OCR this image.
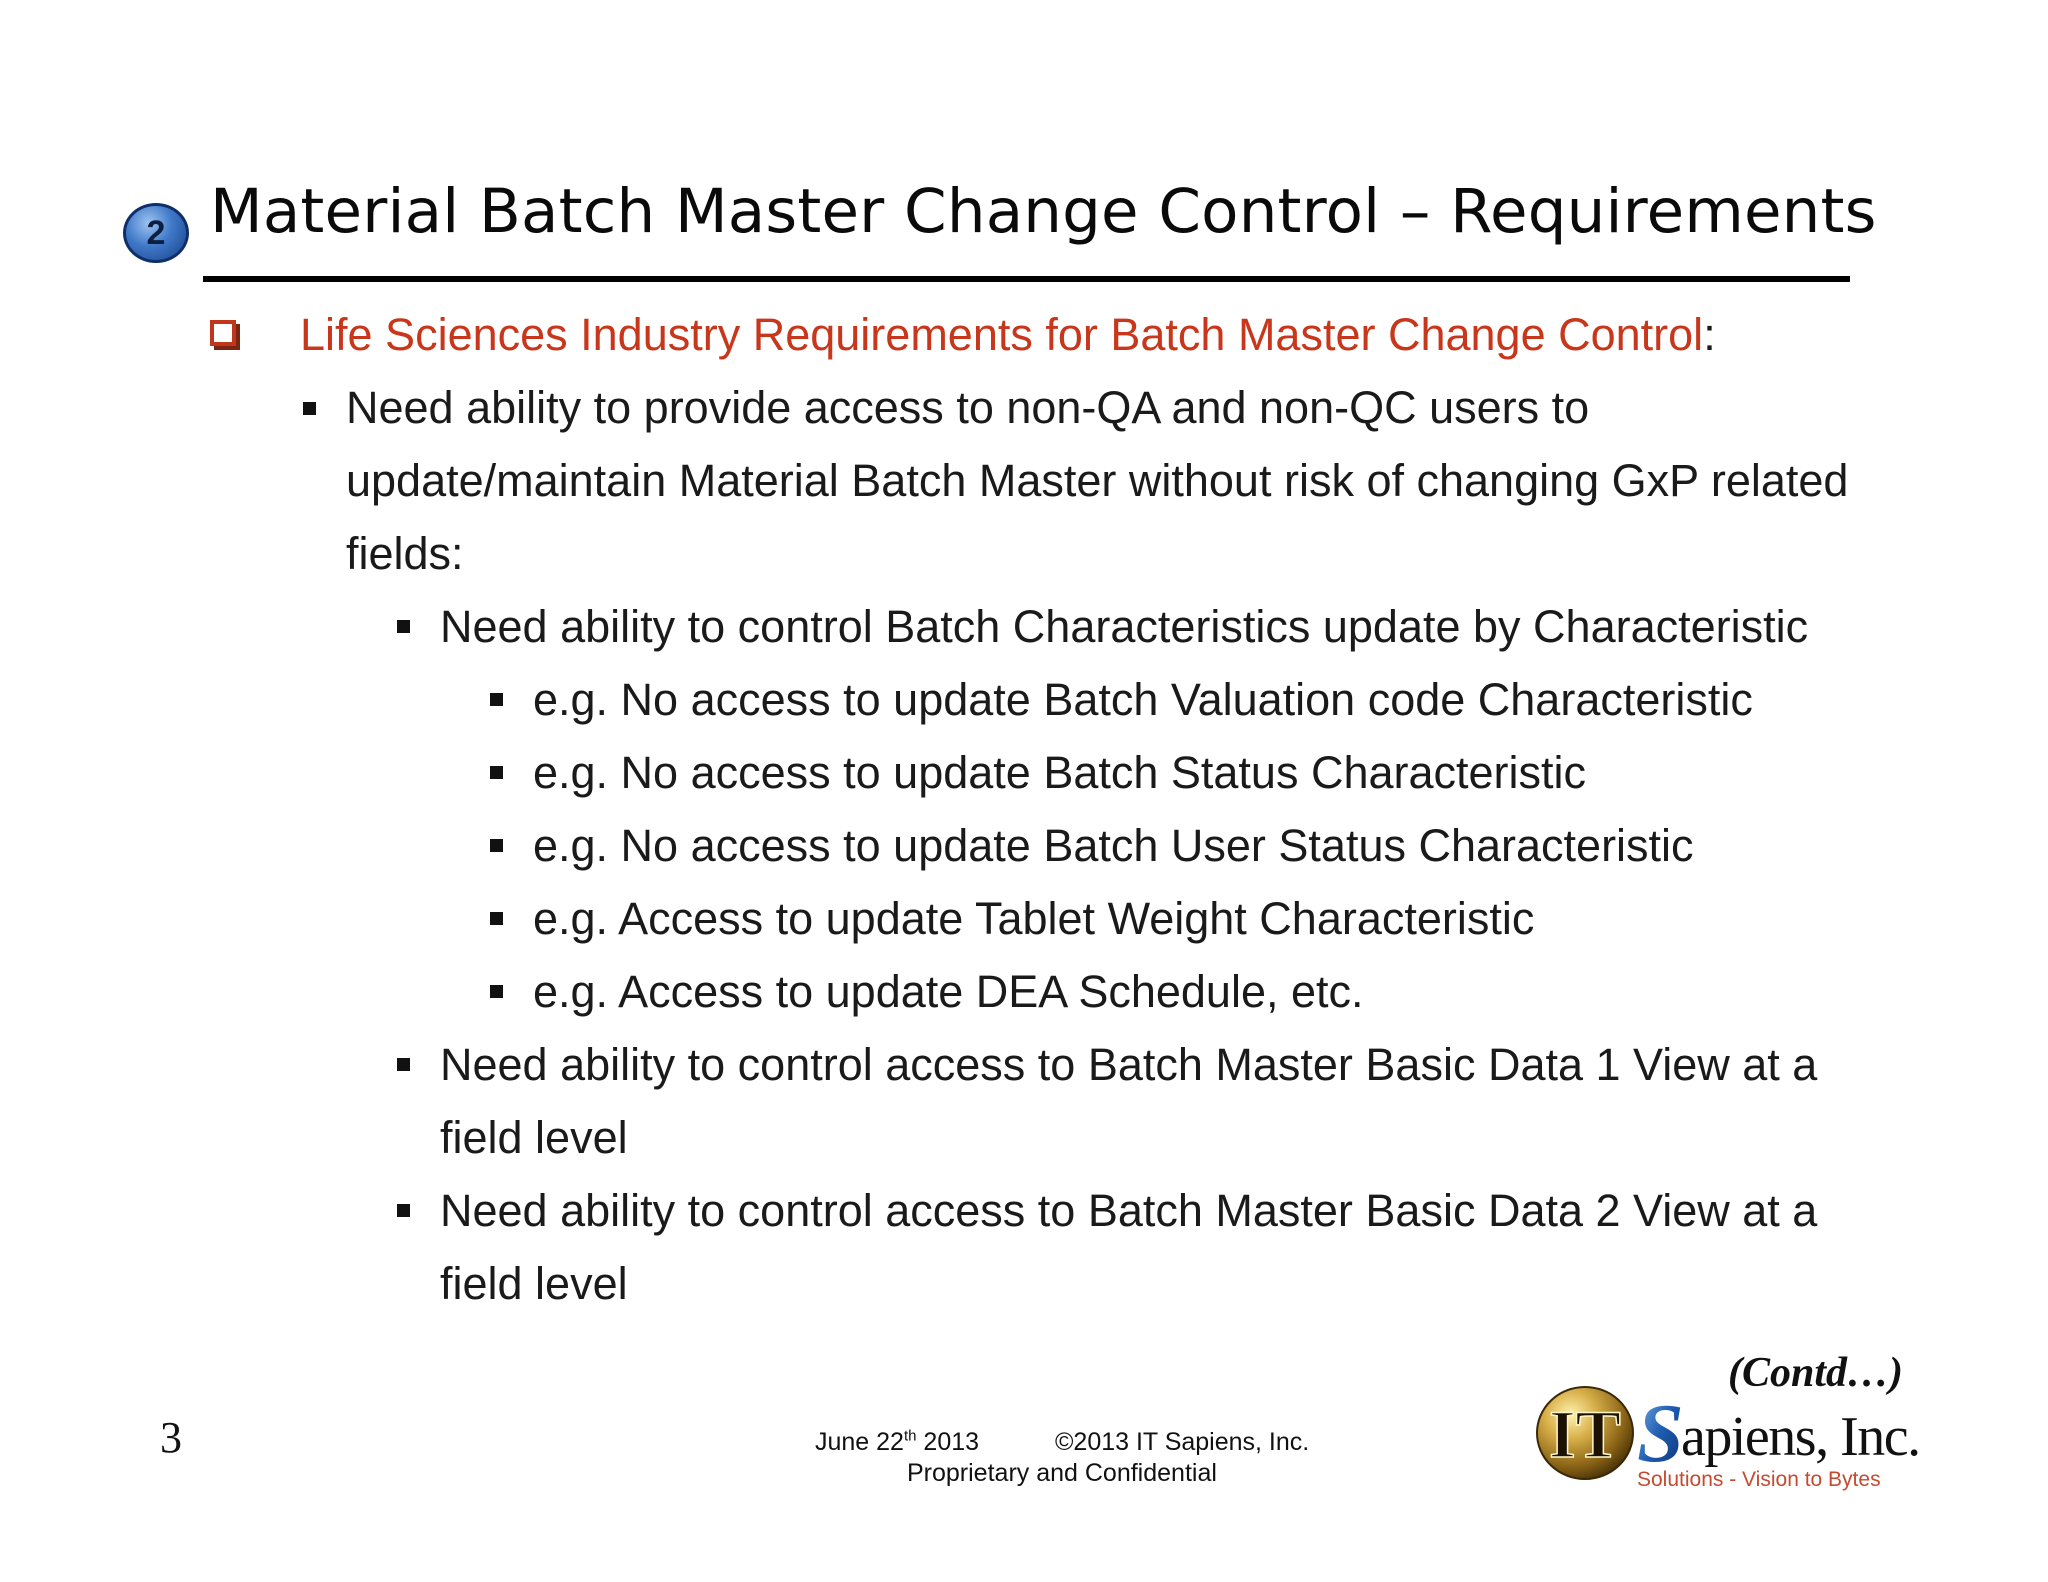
2 Material Batch Master Change Control – Requirements
Life Sciences Industry Requirements for Batch Master Change Control:
Need ability to provide access to non-QA and non-QC users to
update/maintain Material Batch Master without risk of changing GxP related
fields:
Need ability to control Batch Characteristics update by Characteristic
e.g. No access to update Batch Valuation code Characteristic
e.g. No access to update Batch Status Characteristic
e.g. No access to update Batch User Status Characteristic
e.g. Access to update Tablet Weight Characteristic
e.g. Access to update DEA Schedule, etc.
Need ability to control access to Batch Master Basic Data 1 View at a
field level
Need ability to control access to Batch Master Basic Data 2 View at a
field level
(Contd…)
3	June 22th 2013	©2013 IT Sapiens, Inc.
Proprietary and Confidential
IT S
apiens, Inc.
Solutions - Vision to Bytes
